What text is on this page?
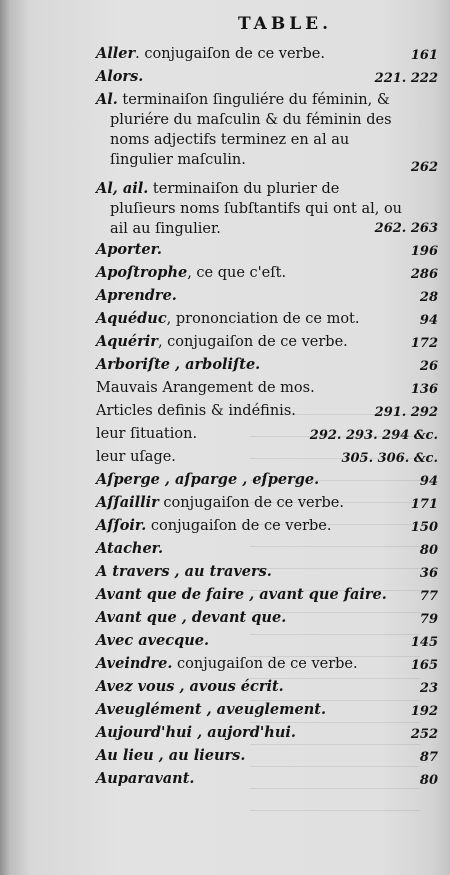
TABLE.
Aller. conjugaiſon de ce verbe.	161
Alors.	221. 222
Al. terminaiſon ſinguliére du féminin, & pluriére du maſculin & du féminin des noms adjectifs terminez en al au ſingulier maſculin.	262
Al, ail. terminaiſon du plurier de pluſieurs noms ſubſtantifs qui ont al, ou ail au ſingulier.	262. 263
Aporter.	196
Apoſtrophe, ce que c'eſt.	286
Aprendre.	28
Aquéduc, prononciation de ce mot.	94
Aquérir, conjugaiſon de ce verbe.	172
Arboriſte , arboliſte.	26
Mauvais Arangement de mos.	136
Articles definis & indéfinis.	291. 292
leur ſituation.	292. 293. 294 &c.
leur uſage.	305. 306. &c.
Aſperge , aſparge , eſperge.	94
Aſſaillir conjugaiſon de ce verbe.	171
Aſſoir. conjugaiſon de ce verbe.	150
Atacher.	80
A travers , au travers.	36
Avant que de faire , avant que faire.	77
Avant que , devant que.	79
Avec avecque.	145
Aveindre. conjugaiſon de ce verbe.	165
Avez vous , avous écrit.	23
Aveuglément , aveuglement.	192
Aujourd'hui , aujord'hui.	252
Au lieu , au lieurs.	87
Auparavant.	80
